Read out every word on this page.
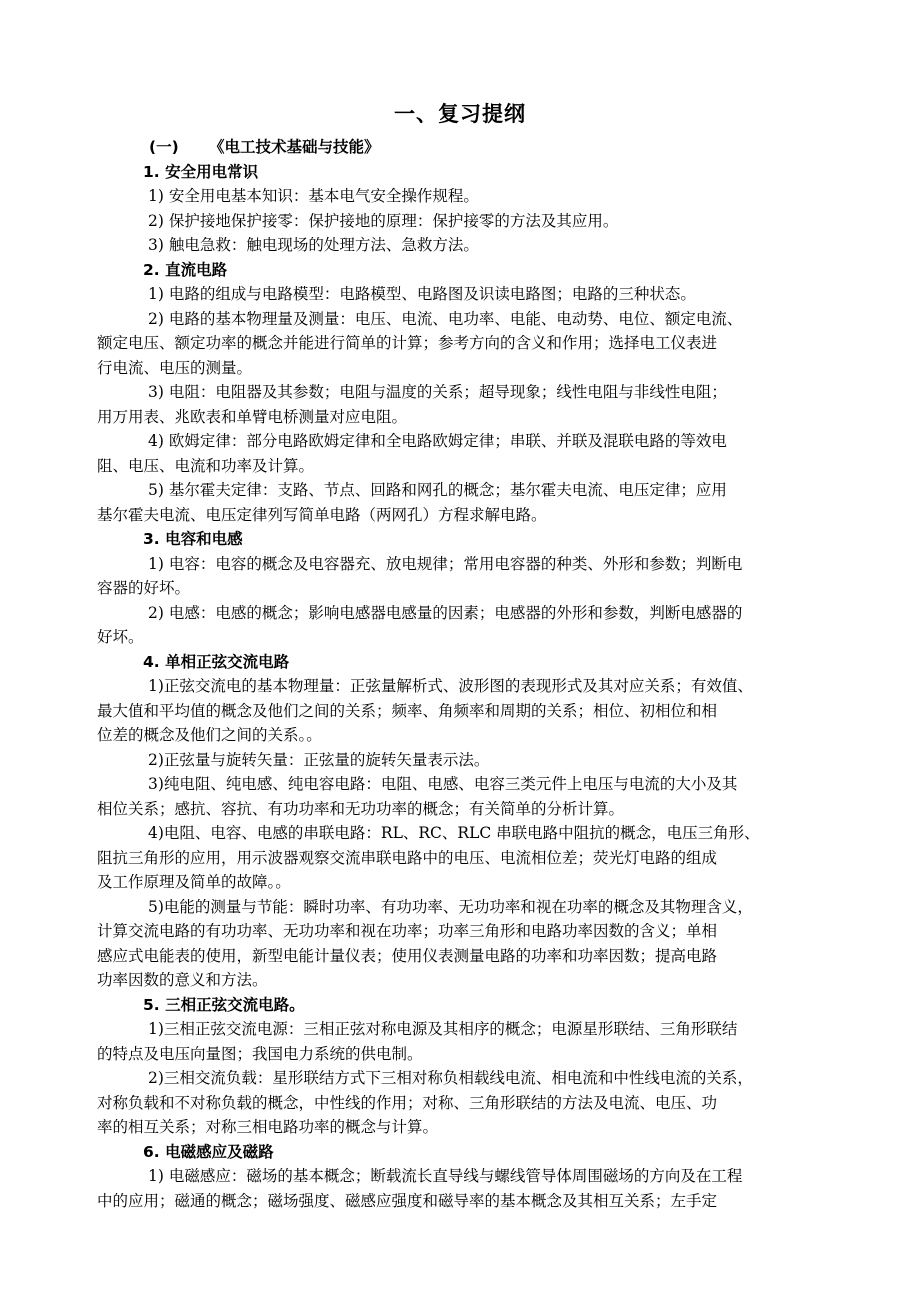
一、复习提纲
(一) 《电工技术基础与技能》
1. 安全用电常识
1) 安全用电基本知识：基本电气安全操作规程。
2) 保护接地保护接零：保护接地的原理：保护接零的方法及其应用。
3) 触电急救：触电现场的处理方法、急救方法。
2. 直流电路
1) 电路的组成与电路模型：电路模型、电路图及识读电路图；电路的三种状态。
2) 电路的基本物理量及测量：电压、电流、电功率、电能、电动势、电位、额定电流、
额定电压、额定功率的概念并能进行简单的计算；参考方向的含义和作用；选择电工仪表进
行电流、电压的测量。
3) 电阻：电阻器及其参数；电阻与温度的关系；超导现象；线性电阻与非线性电阻；
用万用表、兆欧表和单臂电桥测量对应电阻。
4) 欧姆定律：部分电路欧姆定律和全电路欧姆定律；串联、并联及混联电路的等效电
阻、电压、电流和功率及计算。
5) 基尔霍夫定律：支路、节点、回路和网孔的概念；基尔霍夫电流、电压定律；应用
基尔霍夫电流、电压定律列写简单电路（两网孔）方程求解电路。
3. 电容和电感
1) 电容：电容的概念及电容器充、放电规律；常用电容器的种类、外形和参数；判断电
容器的好坏。
2) 电感：电感的概念；影响电感器电感量的因素；电感器的外形和参数，判断电感器的
好坏。
4. 单相正弦交流电路
1)正弦交流电的基本物理量：正弦量解析式、波形图的表现形式及其对应关系；有效值、
最大值和平均值的概念及他们之间的关系；频率、角频率和周期的关系；相位、初相位和相
位差的概念及他们之间的关系。。
2)正弦量与旋转矢量：正弦量的旋转矢量表示法。
3)纯电阻、纯电感、纯电容电路：电阻、电感、电容三类元件上电压与电流的大小及其
相位关系；感抗、容抗、有功功率和无功功率的概念；有关简单的分析计算。
4)电阻、电容、电感的串联电路：RL、RC、RLC 串联电路中阻抗的概念，电压三角形、
阻抗三角形的应用，用示波器观察交流串联电路中的电压、电流相位差；荧光灯电路的组成
及工作原理及简单的故障。。
5)电能的测量与节能：瞬时功率、有功功率、无功功率和视在功率的概念及其物理含义，
计算交流电路的有功功率、无功功率和视在功率；功率三角形和电路功率因数的含义；单相
感应式电能表的使用，新型电能计量仪表；使用仪表测量电路的功率和功率因数；提高电路
功率因数的意义和方法。
5. 三相正弦交流电路。
1)三相正弦交流电源：三相正弦对称电源及其相序的概念；电源星形联结、三角形联结
的特点及电压向量图；我国电力系统的供电制。
2)三相交流负载：星形联结方式下三相对称负相载线电流、相电流和中性线电流的关系，
对称负载和不对称负载的概念，中性线的作用；对称、三角形联结的方法及电流、电压、功
率的相互关系；对称三相电路功率的概念与计算。
6. 电磁感应及磁路
1) 电磁感应：磁场的基本概念；断载流长直导线与螺线管导体周围磁场的方向及在工程
中的应用；磁通的概念；磁场强度、磁感应强度和磁导率的基本概念及其相互关系；左手定
